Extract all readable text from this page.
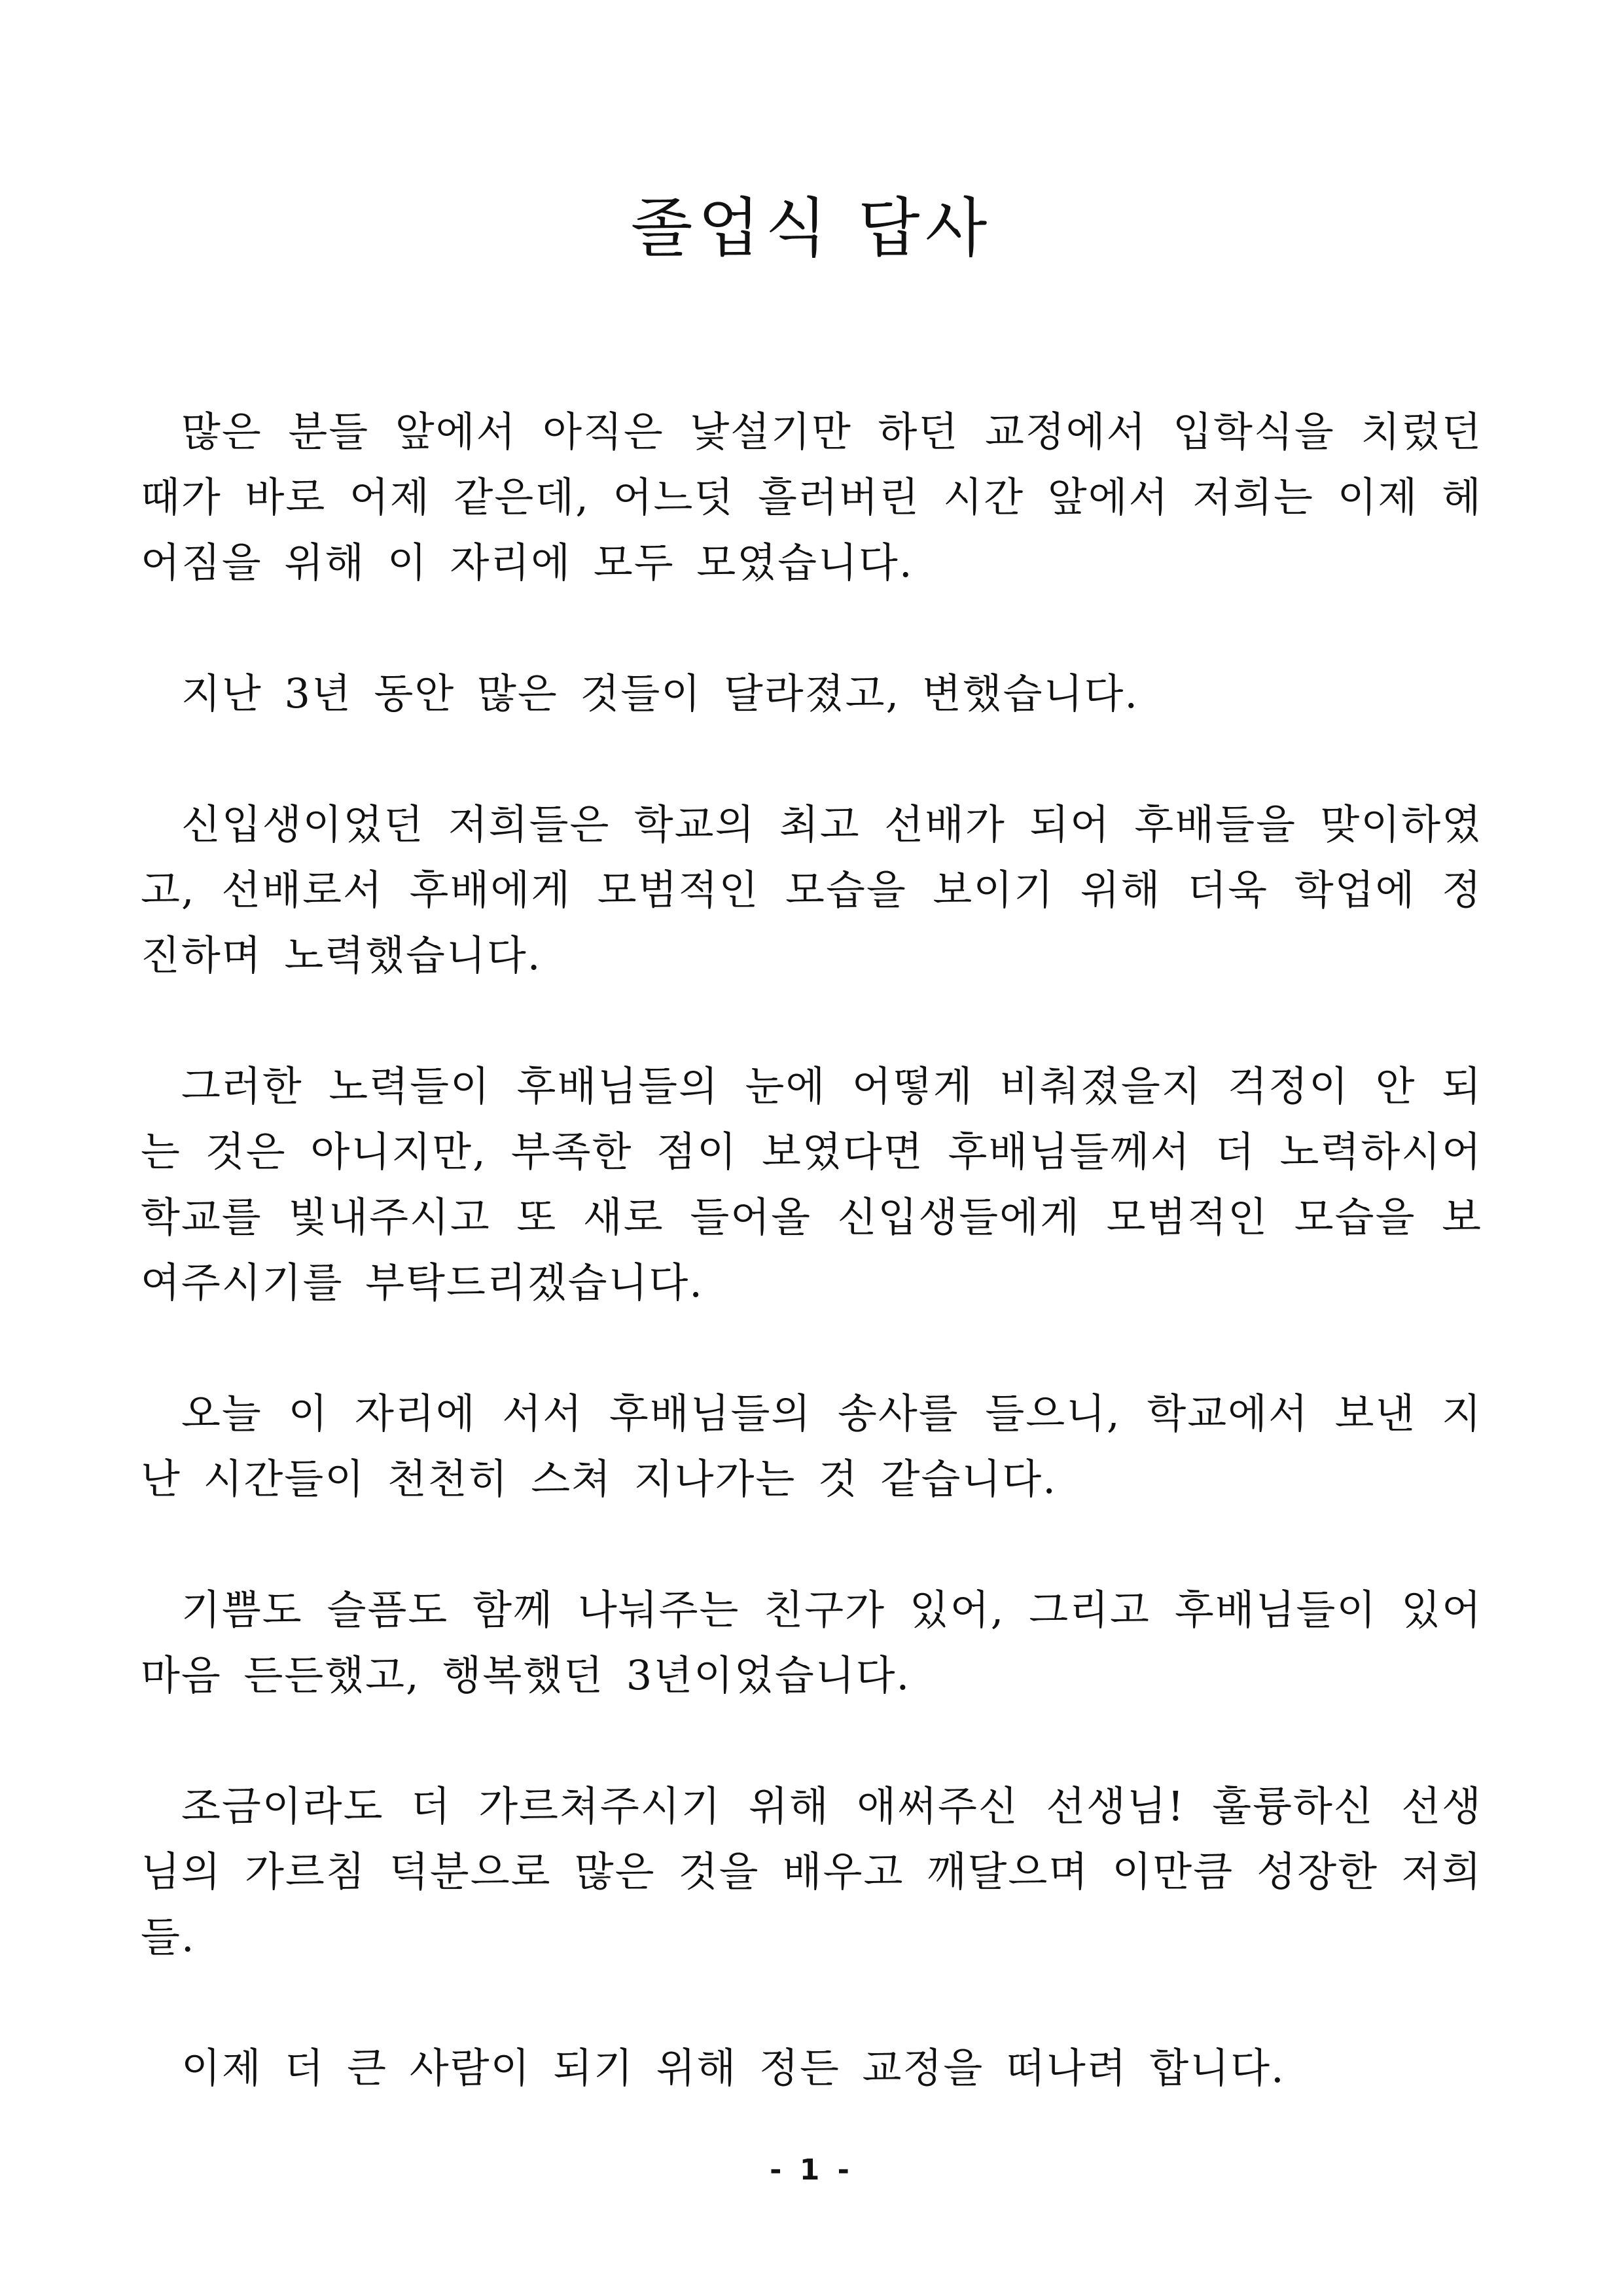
졸업식 답사

많은 분들 앞에서 아직은 낯설기만 하던 교정에서 입학식을 치렀던 때가 바로 어제 같은데, 어느덧 흘러버린 시간 앞에서 저희는 이제 헤어짐을 위해 이 자리에 모두 모였습니다.

지난 3년 동안 많은 것들이 달라졌고, 변했습니다.

신입생이었던 저희들은 학교의 최고 선배가 되어 후배들을 맞이하였고, 선배로서 후배에게 모범적인 모습을 보이기 위해 더욱 학업에 정진하며 노력했습니다.

그러한 노력들이 후배님들의 눈에 어떻게 비춰졌을지 걱정이 안 되는 것은 아니지만, 부족한 점이 보였다면 후배님들께서 더 노력하시어 학교를 빛내주시고 또 새로 들어올 신입생들에게 모범적인 모습을 보여주시기를 부탁드리겠습니다.

오늘 이 자리에 서서 후배님들의 송사를 들으니, 학교에서 보낸 지난 시간들이 천천히 스쳐 지나가는 것 같습니다.

기쁨도 슬픔도 함께 나눠주는 친구가 있어, 그리고 후배님들이 있어 마음 든든했고, 행복했던 3년이었습니다.

조금이라도 더 가르쳐주시기 위해 애써주신 선생님! 훌륭하신 선생님의 가르침 덕분으로 많은 것을 배우고 깨달으며 이만큼 성장한 저희들.

이제 더 큰 사람이 되기 위해 정든 교정을 떠나려 합니다.

- 1 -
